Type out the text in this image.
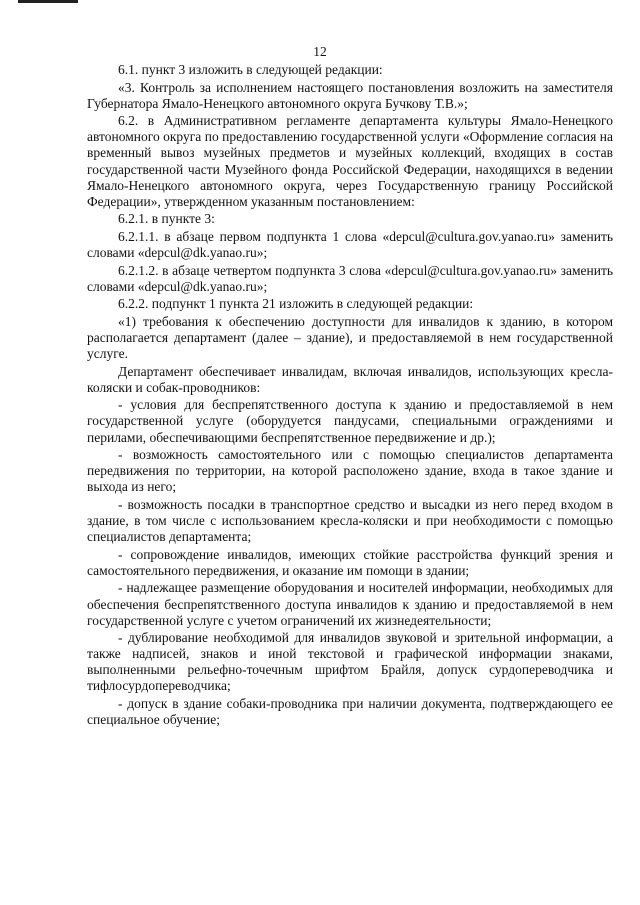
12

6.1. пункт 3 изложить в следующей редакции:

«3. Контроль за исполнением настоящего постановления возложить на заместителя Губернатора Ямало-Ненецкого автономного округа Бучкову Т.В.»;

6.2. в Административном регламенте департамента культуры Ямало-Ненецкого автономного округа по предоставлению государственной услуги «Оформление согласия на временный вывоз музейных предметов и музейных коллекций, входящих в состав государственной части Музейного фонда Российской Федерации, находящихся в ведении Ямало-Ненецкого автономного округа, через Государственную границу Российской Федерации», утвержденном указанным постановлением:

6.2.1. в пункте 3:

6.2.1.1. в абзаце первом подпункта 1 слова «depcul@cultura.gov.yanao.ru» заменить словами «depcul@dk.yanao.ru»;

6.2.1.2. в абзаце четвертом подпункта 3 слова «depcul@cultura.gov.yanao.ru» заменить словами «depcul@dk.yanao.ru»;

6.2.2. подпункт 1 пункта 21 изложить в следующей редакции:

«1) требования к обеспечению доступности для инвалидов к зданию, в котором располагается департамент (далее – здание), и предоставляемой в нем государственной услуге.

Департамент обеспечивает инвалидам, включая инвалидов, использующих кресла-коляски и собак-проводников:

- условия для беспрепятственного доступа к зданию и предоставляемой в нем государственной услуге (оборудуется пандусами, специальными ограждениями и перилами, обеспечивающими беспрепятственное передвижение и др.);

- возможность самостоятельного или с помощью специалистов департамента передвижения по территории, на которой расположено здание, входа в такое здание и выхода из него;

- возможность посадки в транспортное средство и высадки из него перед входом в здание, в том числе с использованием кресла-коляски и при необходимости с помощью специалистов департамента;

- сопровождение инвалидов, имеющих стойкие расстройства функций зрения и самостоятельного передвижения, и оказание им помощи в здании;

- надлежащее размещение оборудования и носителей информации, необходимых для обеспечения беспрепятственного доступа инвалидов к зданию и предоставляемой в нем государственной услуге с учетом ограничений их жизнедеятельности;

- дублирование необходимой для инвалидов звуковой и зрительной информации, а также надписей, знаков и иной текстовой и графической информации знаками, выполненными рельефно-точечным шрифтом Брайля, допуск сурдопереводчика и тифлосурдопереводчика;

- допуск в здание собаки-проводника при наличии документа, подтверждающего ее специальное обучение;
